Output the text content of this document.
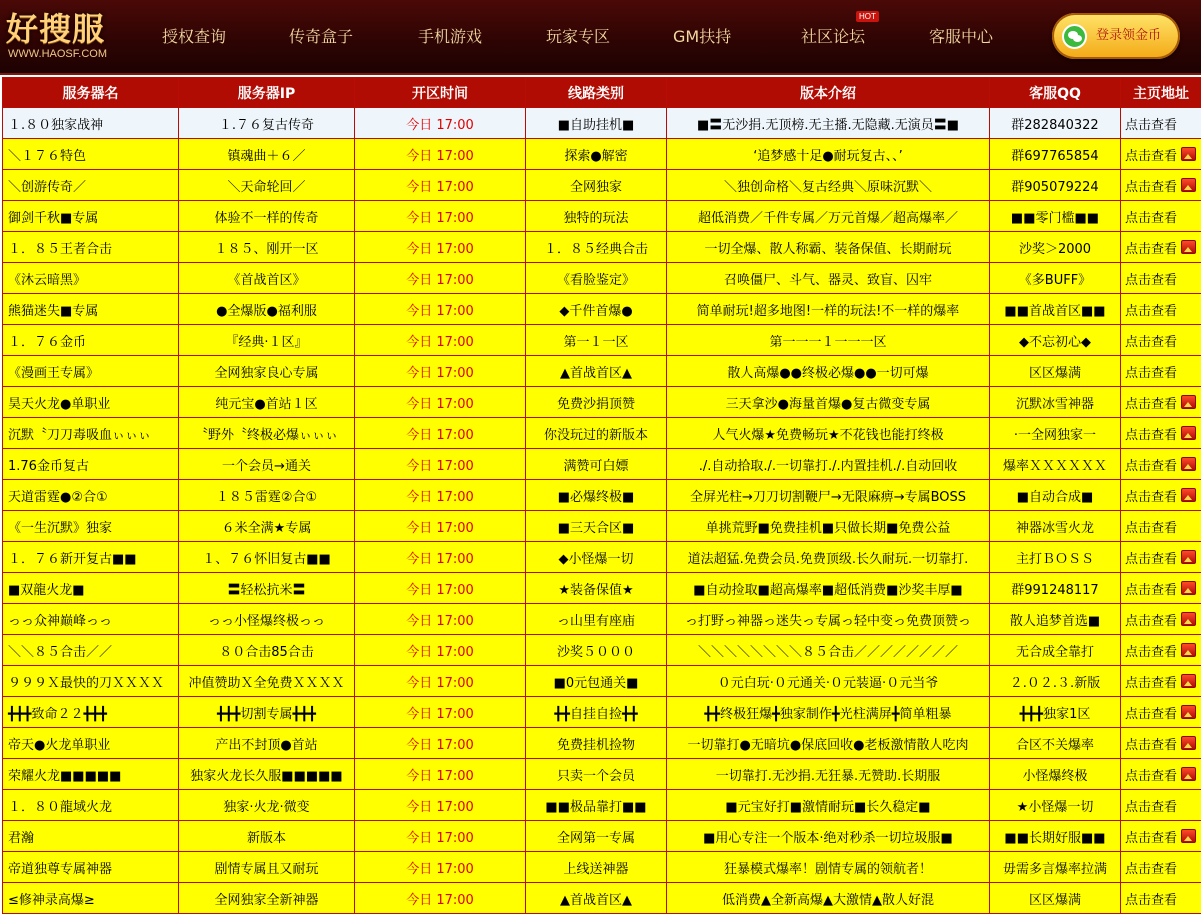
好搜服
WWW.HAOSF.COM
授权查询	传奇盒子	手机游戏	玩家专区	GM扶持	社区论坛
HOT
客服中心	登录领金币
服务器名	服务器IP	开区时间	线路类别	版本介绍	客服QQ	主页地址
１.８０独家战神	１.７６复古传奇	今日 17:00	■自助挂机■	■〓无沙捐.无顶榜.无主播.无隐藏.无演员〓■	群282840322	点击查看
＼１７６特色	镇魂曲＋６／	今日 17:00	探索●解密	‘追梦感十足●耐玩复古、、’	群697765854	点击查看
＼创游传奇／	＼天命轮回／	今日 17:00	全网独家	＼独创命格＼复古经典＼原味沉默＼	群905079224	点击查看
御剑千秋■专属	体验不一样的传奇	今日 17:00	独特的玩法	超低消费／千件专属／万元首爆／超高爆率／	■■零门槛■■	点击查看
１．８５王者合击	１８５、刚开一区	今日 17:00	１．８５经典合击	一切全爆、散人称霸、装备保值、长期耐玩	沙奖＞2000	点击查看
《沐云暗黑》	《首战首区》	今日 17:00	《看脸鉴定》	召唤僵尸、斗气、器灵、致盲、囚牢	《多BUFF》	点击查看
熊猫迷失■专属	●全爆版●福利服	今日 17:00	◆千件首爆●	简单耐玩!超多地图!一样的玩法!不一样的爆率	■■首战首区■■	点击查看
１．７６金币	『经典·１区』	今日 17:00	第一１一区	第一一一１一一一区	◆不忘初心◆	点击查看
《漫画王专属》	全网独家良心专属	今日 17:00	▲首战首区▲	散人高爆●●终极必爆●●一切可爆	区区爆满	点击查看
昊天火龙●单职业	纯元宝●首站１区	今日 17:00	免费沙捐顶赞	三天拿沙●海量首爆●复古微变专属	沉默冰雪神器	点击查看
沉默〝刀刀毒吸血ぃぃぃ	〝野外〝终极必爆ぃぃぃ	今日 17:00	你没玩过的新版本	人气火爆★免费畅玩★不花钱也能打终极	·一全网独家一	点击查看
1.76金币复古	一个会员→通关	今日 17:00	满赞可白嫖	./.自动拾取./.一切靠打./.内置挂机./.自动回收	爆率ＸＸＸＸＸＸ	点击查看
天道雷霆●②合①	１８５雷霆②合①	今日 17:00	■必爆终极■	全屏光柱→刀刀切割鞭尸→无限麻痹→专属BOSS	■自动合成■	点击查看
《一生沉默》独家	６米全满★专属	今日 17:00	■三天合区■	单挑荒野■免费挂机■只做长期■免费公益	神器冰雪火龙	点击查看
１．７６新开复古■■	１、７６怀旧复古■■	今日 17:00	◆小怪爆一切	道法超猛.免费会员.免费顶级.长久耐玩.一切靠打.	主打ＢＯＳＳ	点击查看
■双龍火龙■	〓轻松抗米〓	今日 17:00	★装备保值★	■自动捡取■超高爆率■超低消费■沙奖丰厚■	群991248117	点击查看
っっ众神巅峰っっ	っっ小怪爆终极っっ	今日 17:00	っ山里有座庙	っ打野っ神器っ迷失っ专属っ轻中变っ免费顶赞っ	散人追梦首选■	点击查看
＼＼８５合击／／	８０合击85合击	今日 17:00	沙奖５０００	＼＼＼＼＼＼＼＼８５合击／／／／／／／／	无合成全靠打	点击查看
９９９Ｘ最快的刀ＸＸＸＸ	冲值赞助Ｘ全免费ＸＸＸＸ	今日 17:00	■0元包通关■	０元白玩·０元通关·０元装逼·０元当爷	２.０２.３.新版	点击查看
╋╋╋致命２２╋╋╋	╋╋╋切割专属╋╋╋	今日 17:00	╋╋自挂自捡╋╋	╋╋终极狂爆╋独家制作╋光柱满屏╋简单粗暴	╋╋╋独家1区	点击查看
帝天●火龙单职业	产出不封顶●首站	今日 17:00	免费挂机捡物	一切靠打●无暗坑●保底回收●老板激情散人吃肉	合区不关爆率	点击查看
荣耀火龙■■■■■	独家火龙长久服■■■■■	今日 17:00	只卖一个会员	一切靠打.无沙捐.无狂暴.无赞助.长期服	小怪爆终极	点击查看
１．８０龍域火龙	独家·火龙·微变	今日 17:00	■■极品靠打■■	■元宝好打■激情耐玩■长久稳定■	★小怪爆一切	点击查看
君瀚	新版本	今日 17:00	全网第一专属	■用心专注一个版本·绝对秒杀一切垃圾服■	■■长期好服■■	点击查看
帝道独尊专属神器	剧情专属且又耐玩	今日 17:00	上线送神器	狂暴模式爆率！剧情专属的领航者！	毋需多言爆率拉满	点击查看
≤修神录高爆≥	全网独家全新神器	今日 17:00	▲首战首区▲	低消费▲全新高爆▲大激情▲散人好混	区区爆满	点击查看
